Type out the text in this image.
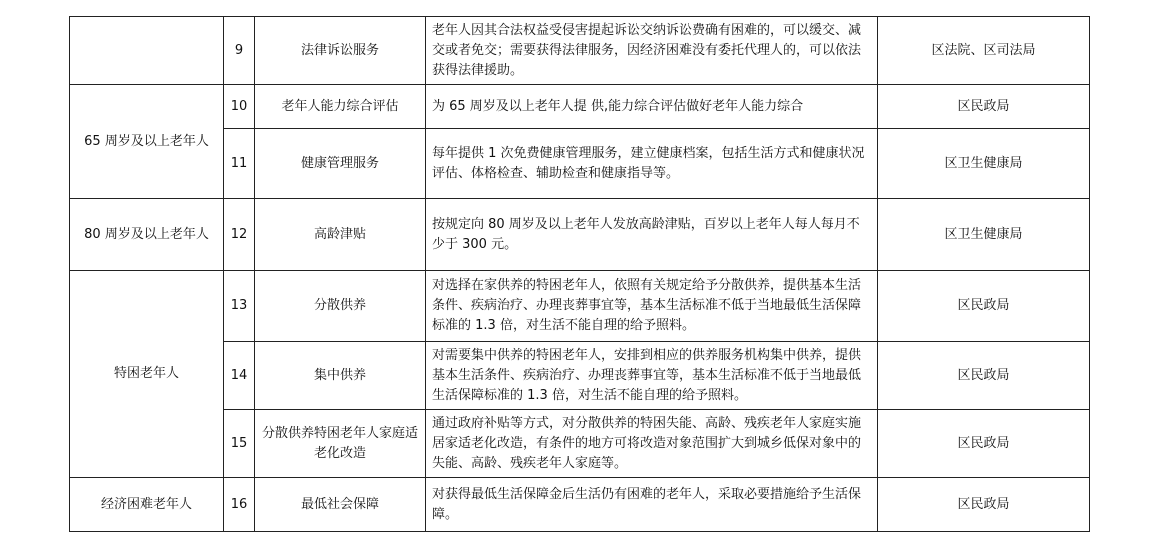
	9	法律诉讼服务	老年人因其合法权益受侵害提起诉讼交纳诉讼费确有困难的，可以缓交、减交或者免交；需要获得法律服务，因经济困难没有委托代理人的，可以依法获得法律援助。	区法院、区司法局
65 周岁及以上老年人	10	老年人能力综合评估	为 65 周岁及以上老年人提 供,能力综合评估做好老年人能力综合	区民政局
	11	健康管理服务	每年提供 1 次免费健康管理服务，建立健康档案，包括生活方式和健康状况评估、体格检查、辅助检查和健康指导等。	区卫生健康局
80 周岁及以上老年人	12	高龄津贴	按规定向 80 周岁及以上老年人发放高龄津贴，百岁以上老年人每人每月不少于 300 元。	区卫生健康局
特困老年人	13	分散供养	对选择在家供养的特困老年人，依照有关规定给予分散供养，提供基本生活条件、疾病治疗、办理丧葬事宜等，基本生活标准不低于当地最低生活保障标准的 1.3 倍，对生活不能自理的给予照料。	区民政局
	14	集中供养	对需要集中供养的特困老年人，安排到相应的供养服务机构集中供养，提供基本生活条件、疾病治疗、办理丧葬事宜等，基本生活标准不低于当地最低生活保障标准的 1.3 倍，对生活不能自理的给予照料。	区民政局
	15	分散供养特困老年人家庭适老化改造	通过政府补贴等方式，对分散供养的特困失能、高龄、残疾老年人家庭实施居家适老化改造，有条件的地方可将改造对象范围扩大到城乡低保对象中的失能、高龄、残疾老年人家庭等。	区民政局
经济困难老年人	16	最低社会保障	对获得最低生活保障金后生活仍有困难的老年人，采取必要措施给予生活保障。	区民政局
